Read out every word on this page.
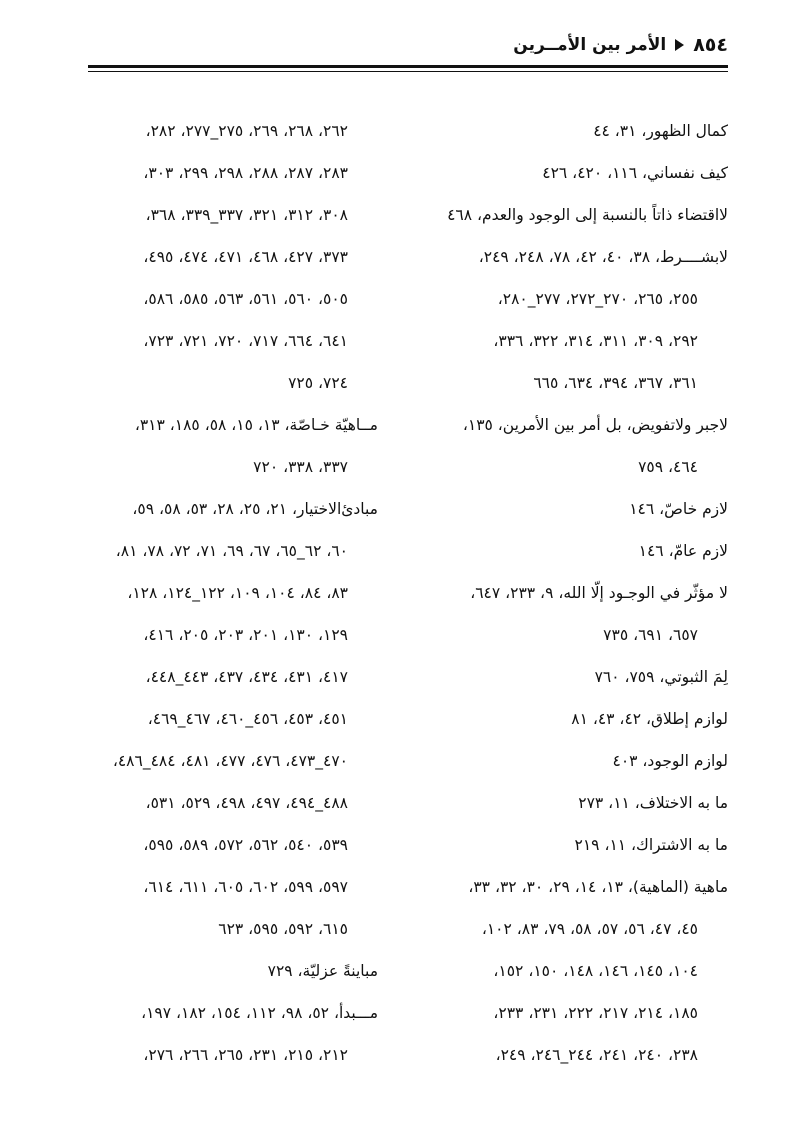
٨٥٤
الأمر بين الأمــرين
كمال الظهور، ٣١، ٤٤
كيف نفساني، ١١٦، ٤٢٠، ٤٢٦
لااقتضاء ذاتاً بالنسبة إلى الوجود والعدم، ٤٦٨
لابشــــرط، ٣٨، ٤٠، ٤٢، ٧٨، ٢٤٨، ٢٤٩،
٢٥٥، ٢٦٥، ٢٧٠_٢٧٢، ٢٧٧_٢٨٠،
٢٩٢، ٣٠٩، ٣١١، ٣١٤، ٣٢٢، ٣٣٦،
٣٦١، ٣٦٧، ٣٩٤، ٦٣٤، ٦٦٥
لاجبر ولاتفويض، بل أمر بين الأمرين، ١٣٥،
٤٦٤، ٧٥٩
لازم خاصّ، ١٤٦
لازم عامّ، ١٤٦
لا مؤثّر في الوجـود إلّا الله، ٩، ٢٣٣، ٦٤٧،
٦٥٧، ٦٩١، ٧٣٥
لِمَ الثبوتي، ٧٥٩، ٧٦٠
لوازم إطلاق، ٤٢، ٤٣، ٨١
لوازم الوجود، ٤٠٣
ما به الاختلاف، ١١، ٢٧٣
ما به الاشتراك، ١١، ٢١٩
ماهية (الماهية)، ١٣، ١٤، ٢٩، ٣٠، ٣٢، ٣٣،
٤٥، ٤٧، ٥٦، ٥٧، ٥٨، ٧٩، ٨٣، ١٠٢،
١٠٤، ١٤٥، ١٤٦، ١٤٨، ١٥٠، ١٥٢،
١٨٥، ٢١٤، ٢١٧، ٢٢٢، ٢٣١، ٢٣٣،
٢٣٨، ٢٤٠، ٢٤١، ٢٤٤_٢٤٦، ٢٤٩،
٢٦٢، ٢٦٨، ٢٦٩، ٢٧٥_٢٧٧، ٢٨٢،
٢٨٣، ٢٨٧، ٢٨٨، ٢٩٨، ٢٩٩، ٣٠٣،
٣٠٨، ٣١٢، ٣٢١، ٣٣٧_٣٣٩، ٣٦٨،
٣٧٣، ٤٢٧، ٤٦٨، ٤٧١، ٤٧٤، ٤٩٥،
٥٠٥، ٥٦٠، ٥٦١، ٥٦٣، ٥٨٥، ٥٨٦،
٦٤١، ٦٦٤، ٧١٧، ٧٢٠، ٧٢١، ٧٢٣،
٧٢٤، ٧٢٥
مــاهيّة خـاصّة، ١٣، ١٥، ٥٨، ١٨٥، ٣١٣،
٣٣٧، ٣٣٨، ٧٢٠
مبادئ‌الاختيار، ٢١، ٢٥، ٢٨، ٥٣، ٥٨، ٥٩،
٦٠، ٦٢_٦٥، ٦٧، ٦٩، ٧١، ٧٢، ٧٨، ٨١،
٨٣، ٨٤، ١٠٤، ١٠٩، ١٢٢_١٢٤، ١٢٨،
١٢٩، ١٣٠، ٢٠١، ٢٠٣، ٢٠٥، ٤١٦،
٤١٧، ٤٣١، ٤٣٤، ٤٣٧، ٤٤٣_٤٤٨،
٤٥١، ٤٥٣، ٤٥٦_٤٦٠، ٤٦٧_٤٦٩،
٤٧٠_٤٧٣، ٤٧٦، ٤٧٧، ٤٨١، ٤٨٤_٤٨٦،
٤٨٨_٤٩٤، ٤٩٧، ٤٩٨، ٥٢٩، ٥٣١،
٥٣٩، ٥٤٠، ٥٦٢، ٥٧٢، ٥٨٩، ٥٩٥،
٥٩٧، ٥٩٩، ٦٠٢، ٦٠٥، ٦١١، ٦١٤،
٦١٥، ٥٩٢، ٥٩٥، ٦٢٣
مباينةً عزليّة، ٧٢٩
مـــبدأ، ٥٢، ٩٨، ١١٢، ١٥٤، ١٨٢، ١٩٧،
٢١٢، ٢١٥، ٢٣١، ٢٦٥، ٢٦٦، ٢٧٦،
